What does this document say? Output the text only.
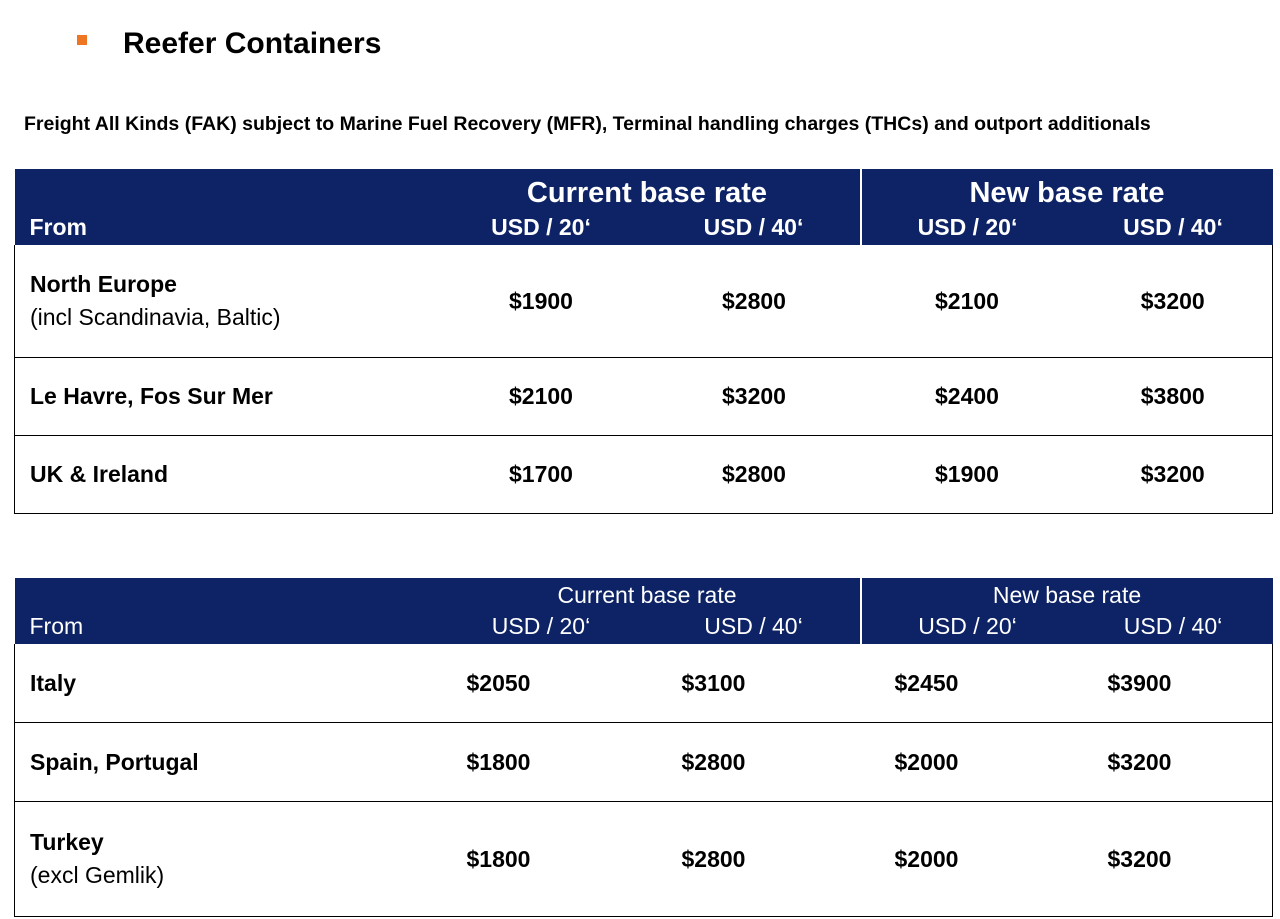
Reefer Containers
Freight All Kinds (FAK) subject to Marine Fuel Recovery (MFR), Terminal handling charges (THCs) and outport additionals
	Current base rate		New base rate	
From	USD / 20‘	USD / 40‘	USD / 20‘	USD / 40‘

North Europe
(incl Scandinavia, Baltic)	$1900	$2800	$2100	$3200

Le Havre, Fos Sur Mer	$2100	$3200	$2400	$3800

UK & Ireland	$1700	$2800	$1900	$3200
	Current base rate		New base rate	
From	USD / 20‘	USD / 40‘	USD / 20‘	USD / 40‘

Italy	$2050	$3100	$2450	$3900

Spain, Portugal	$1800	$2800	$2000	$3200

Turkey
(excl Gemlik)	$1800	$2800	$2000	$3200
